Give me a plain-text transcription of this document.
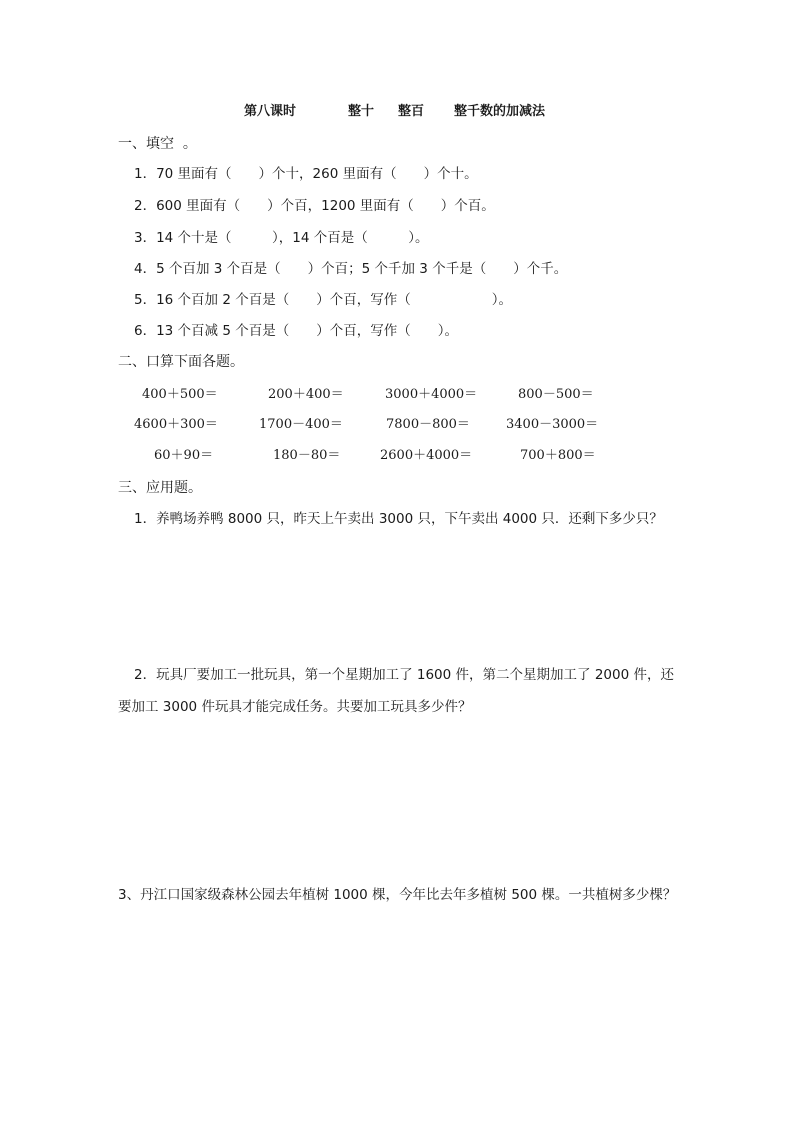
第八课时	整十 整百 整千数的加减法
一、填空  。
1．70 里面有（　　）个十，260 里面有（　　）个十。
2．600 里面有（　　）个百，1200 里面有（　　）个百。
3．14 个十是（　　　），14 个百是（　　　）。
4．5 个百加 3 个百是（　　）个百；5 个千加 3 个千是（　　）个千。
5．16 个百加 2 个百是（　　）个百，写作（　　　　　　）。
6．13 个百减 5 个百是（　　）个百，写作（　　）。
二、口算下面各题。
400＋500＝	200＋400＝	3000＋4000＝	800－500＝
4600＋300＝	1700－400＝	7800－800＝	3400－3000＝
60＋90＝	180－80＝	2600＋4000＝	700＋800＝
三、应用题。
1．养鸭场养鸭 8000 只，昨天上午卖出 3000 只，下午卖出 4000 只．还剩下多少只？
2．玩具厂要加工一批玩具，第一个星期加工了 1600 件，第二个星期加工了 2000 件，还
要加工 3000 件玩具才能完成任务。共要加工玩具多少件？
3、丹江口国家级森林公园去年植树 1000 棵，今年比去年多植树 500 棵。一共植树多少棵？
